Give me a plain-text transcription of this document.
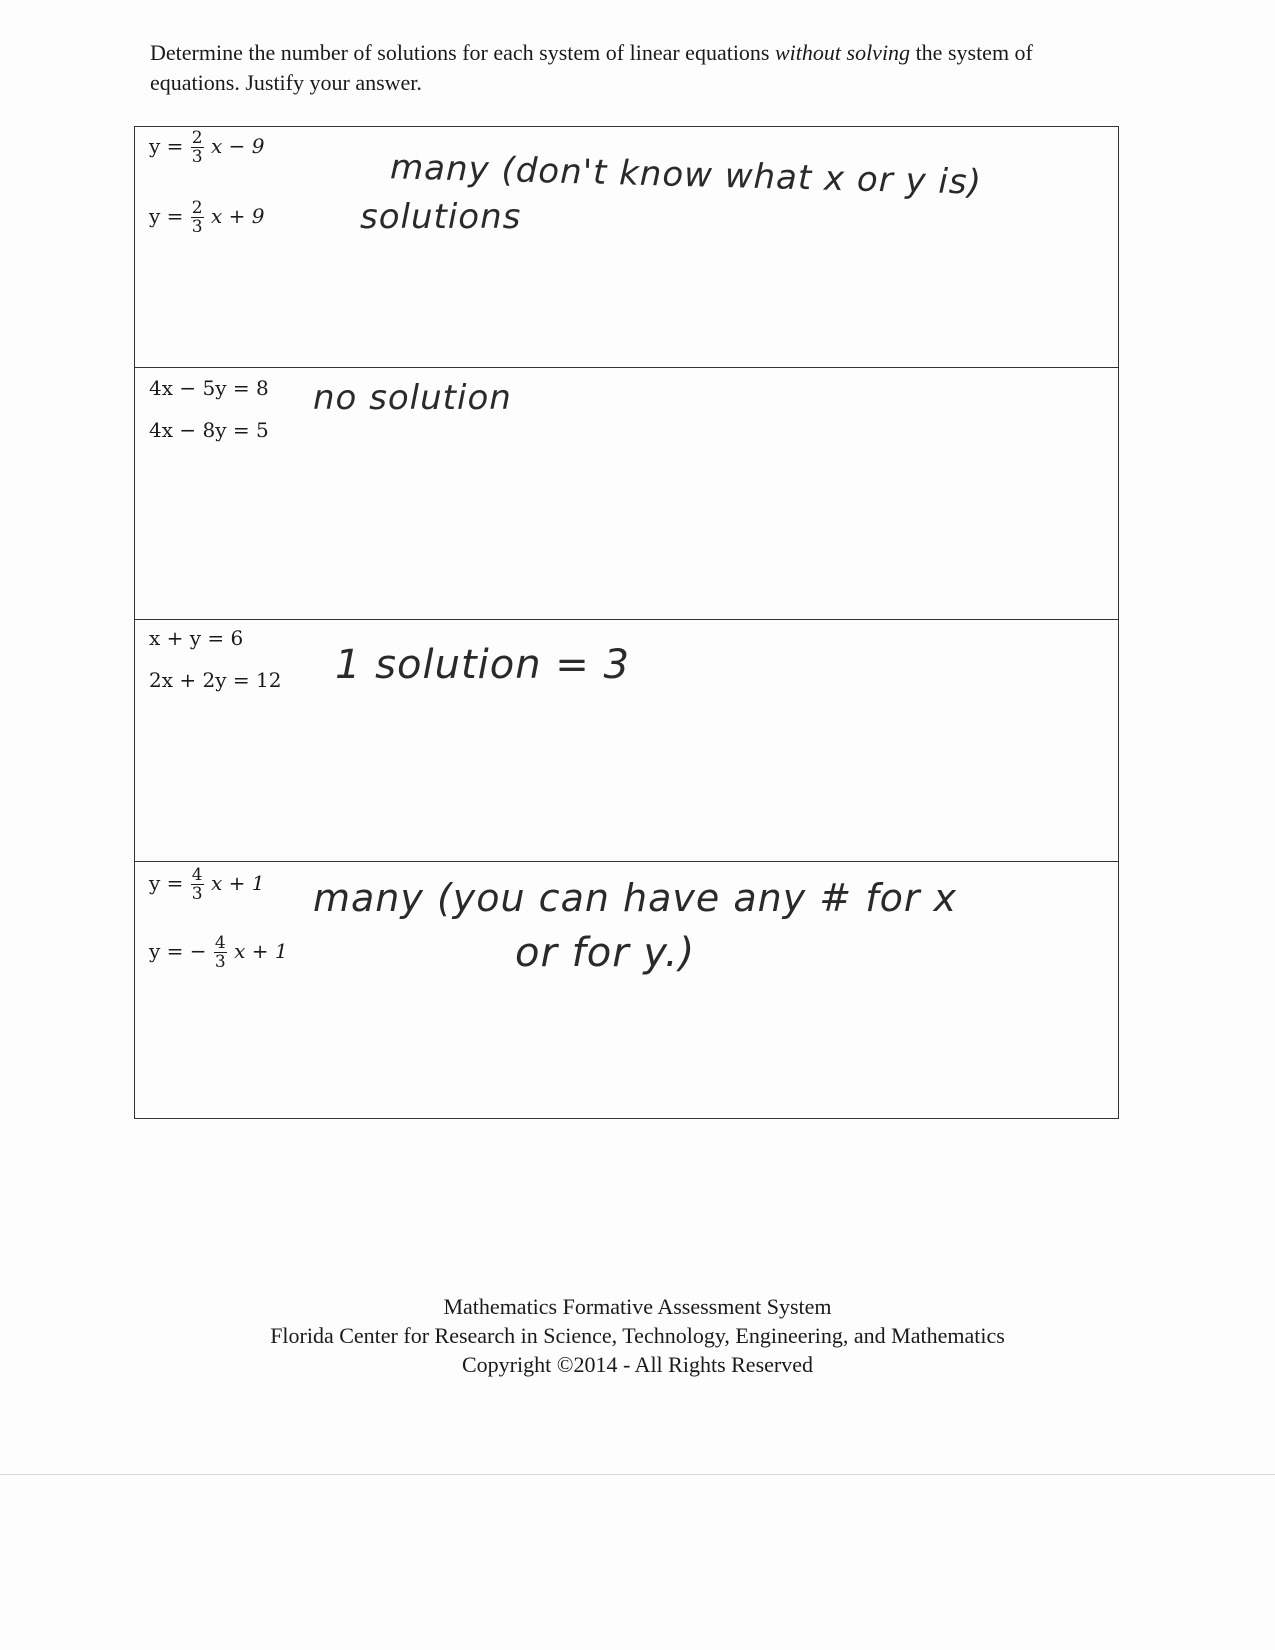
Determine the number of solutions for each system of linear equations without solving the system of equations. Justify your answer.
$y = \frac{2}{3}$ x − 9
$y = \frac{2}{3}$ x + 9
many (don't know what x or y is)
solutions
4x − 5y = 8
4x − 8y = 5
no solution
x + y = 6
2x + 2y = 12 1 solution = 3
$y = \frac{4}{3}$ x + 1
y = − $\frac{4}{3}$ x + 1
many (you can have any # for x
or for y.)
Mathematics Formative Assessment System
Florida Center for Research in Science, Technology, Engineering, and Mathematics
Copyright ©2014 - All Rights Reserved
